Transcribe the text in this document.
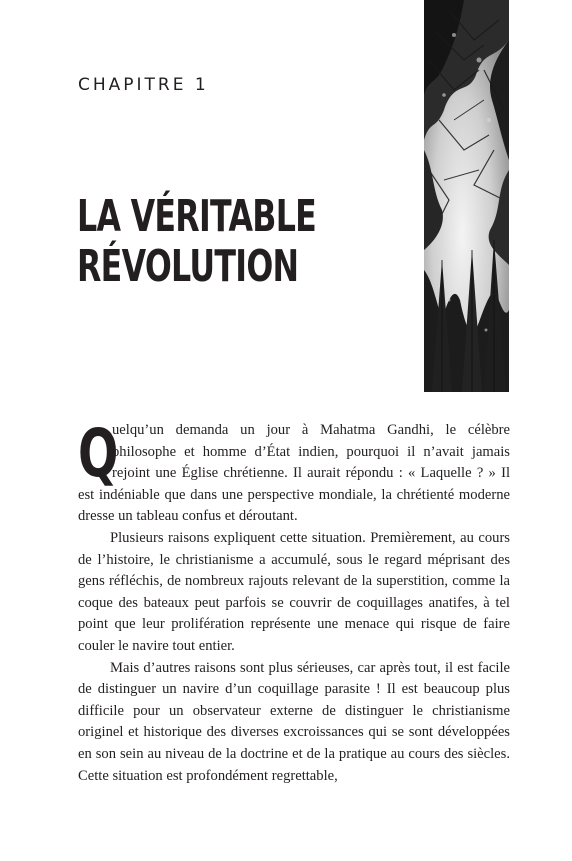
CHAPITRE 1
LA VÉRITABLE
RÉVOLUTION

Q
uelqu’un demanda un jour à Mahatma Gandhi, le célèbre philosophe et homme d’État indien, pourquoi il n’avait jamais rejoint une Église chrétienne. Il aurait répondu : « Laquelle ? » Il est indéniable que dans une perspective mondiale, la chrétienté moderne dresse un tableau confus et déroutant.

Plusieurs raisons expliquent cette situation. Premièrement, au cours de l’histoire, le christianisme a accumulé, sous le regard méprisant des gens réfléchis, de nombreux rajouts relevant de la superstition, comme la coque des bateaux peut parfois se couvrir de coquillages anatifes, à tel point que leur prolifération représente une menace qui risque de faire couler le navire tout entier.

Mais d’autres raisons sont plus sérieuses, car après tout, il est facile de distinguer un navire d’un coquillage parasite ! Il est beaucoup plus difficile pour un observateur externe de distinguer le christianisme originel et historique des diverses excroissances qui se sont développées en son sein au niveau de la doctrine et de la pratique au cours des siècles. Cette situation est profondément regrettable,
